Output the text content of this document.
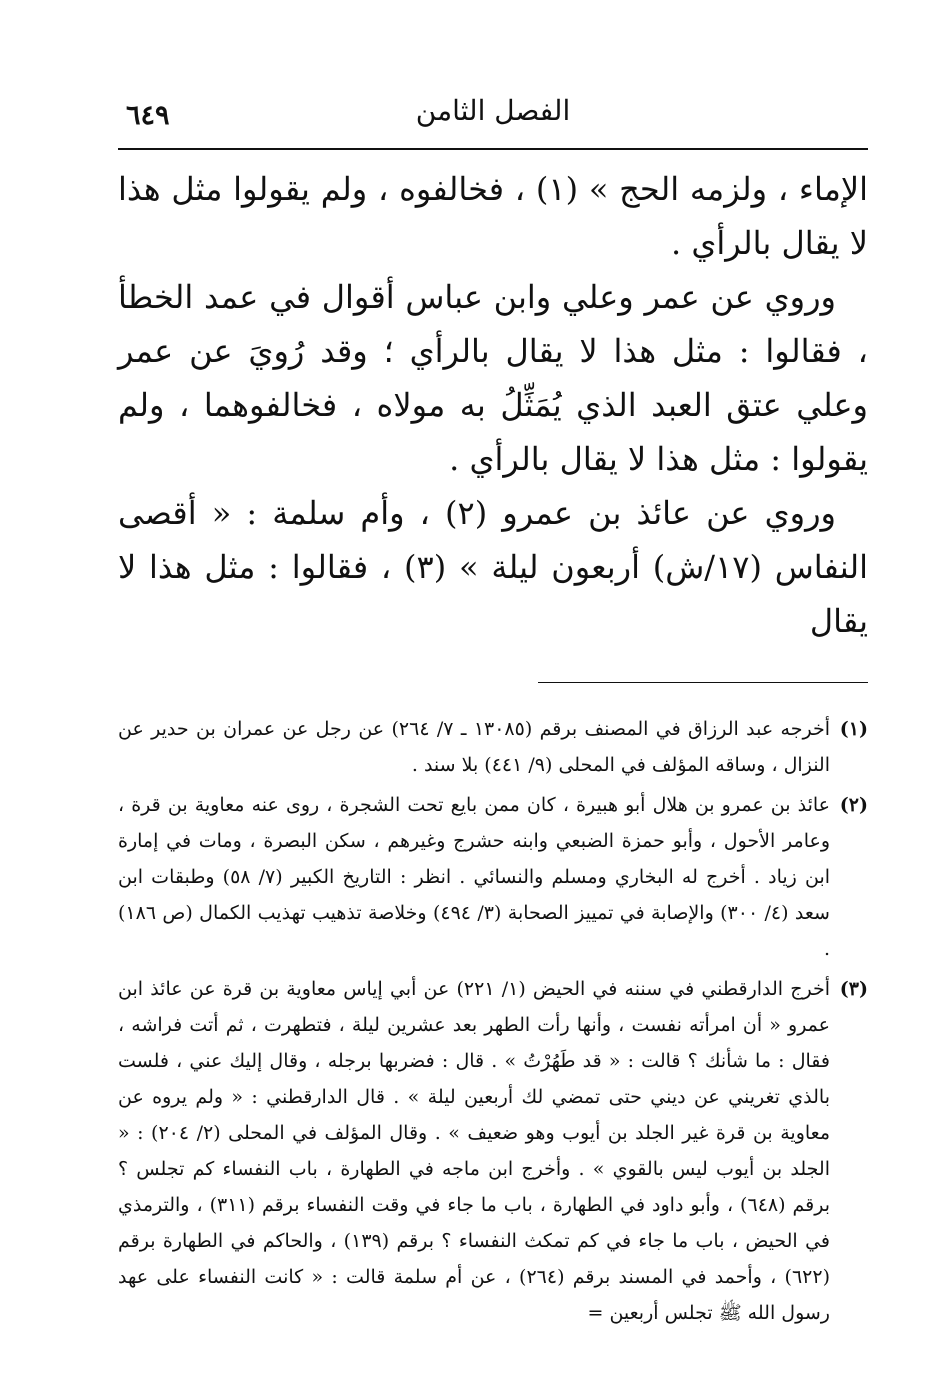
الفصل الثامن
٦٤٩

الإماء ، ولزمه الحج » (١) ، فخالفوه ، ولم يقولوا مثل هذا لا يقال بالرأي .

وروي عن عمر وعلي وابن عباس أقوال في عمد الخطأ ، فقالوا : مثل هذا لا يقال بالرأي ؛ وقد رُويَ عن عمر وعلي عتق العبد الذي يُمَثِّلُ به مولاه ، فخالفوهما ، ولم يقولوا : مثل هذا لا يقال بالرأي .

وروي عن عائذ بن عمرو (٢) ، وأم سلمة : « أقصى النفاس (١٧/ش) أربعون ليلة » (٣) ، فقالوا : مثل هذا لا يقال

(١)
أخرجه عبد الرزاق في المصنف برقم (١٣٠٨٥ ـ ٧/ ٢٦٤) عن رجل عن عمران بن حدير عن النزال ، وساقه المؤلف في المحلى (٩/ ٤٤١) بلا سند .
(٢)
عائذ بن عمرو بن هلال أبو هبيرة ، كان ممن بايع تحت الشجرة ، روى عنه معاوية بن قرة ، وعامر الأحول ، وأبو حمزة الضبعي وابنه حشرج وغيرهم ، سكن البصرة ، ومات في إمارة ابن زياد . أخرج له البخاري ومسلم والنسائي . انظر : التاريخ الكبير (٧/ ٥٨) وطبقات ابن سعد (٤/ ٣٠٠) والإصابة في تمييز الصحابة (٣/ ٤٩٤) وخلاصة تذهيب تهذيب الكمال (ص ١٨٦) .
(٣)
أخرج الدارقطني في سننه في الحيض (١/ ٢٢١) عن أبي إياس معاوية بن قرة عن عائذ ابن عمرو « أن امرأته نفست ، وأنها رأت الطهر بعد عشرين ليلة ، فتطهرت ، ثم أتت فراشه ، فقال : ما شأنك ؟ قالت : « قد طَهُرْتُ » . قال : فضربها برجله ، وقال إليك عني ، فلست بالذي تغريني عن ديني حتى تمضي لك أربعين ليلة » . قال الدارقطني : « ولم يروه عن معاوية بن قرة غير الجلد بن أيوب وهو ضعيف » . وقال المؤلف في المحلى (٢/ ٢٠٤) : « الجلد بن أيوب ليس بالقوي » . وأخرج ابن ماجه في الطهارة ، باب النفساء كم تجلس ؟ برقم (٦٤٨) ، وأبو داود في الطهارة ، باب ما جاء في وقت النفساء برقم (٣١١) ، والترمذي في الحيض ، باب ما جاء في كم تمكث النفساء ؟ برقم (١٣٩) ، والحاكم في الطهارة برقم (٦٢٢) ، وأحمد في المسند برقم (٢٦٤) ، عن أم سلمة قالت : « كانت النفساء على عهد رسول الله ﷺ تجلس أربعين =
